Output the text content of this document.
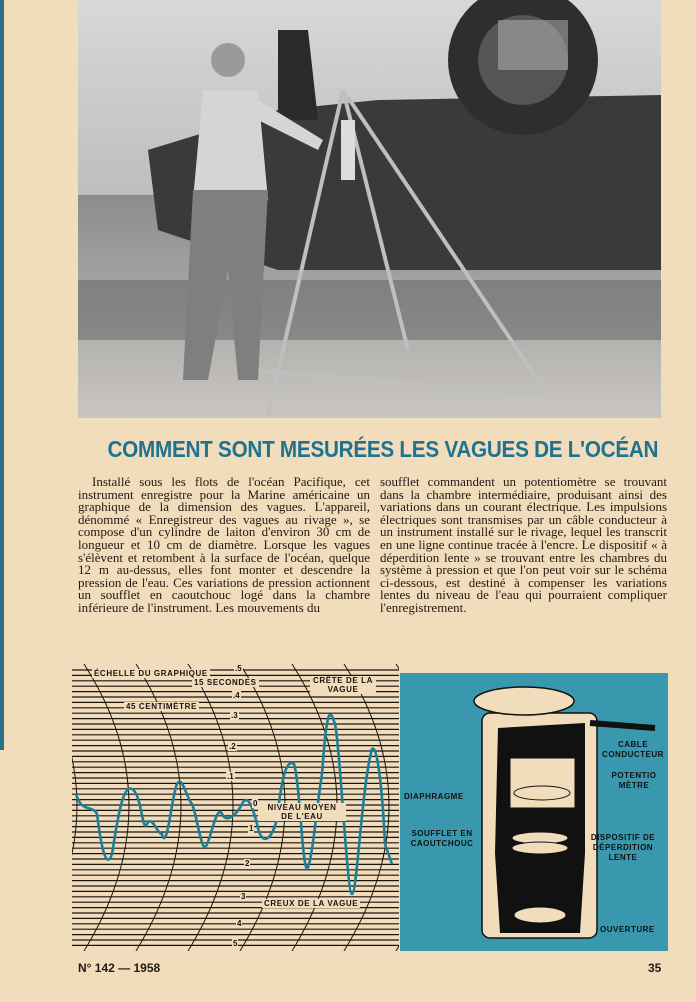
COMMENT SONT MESURÉES LES VAGUES DE L'OCÉAN
Installé sous les flots de l'océan Pacifique, cet instrument enregistre pour la Marine américaine un graphique de la dimension des vagues. L'appareil, dénommé « Enregistreur des vagues au rivage », se compose d'un cylindre de laiton d'environ 30 cm de longueur et 10 cm de diamètre. Lorsque les vagues s'élèvent et retombent à la surface de l'océan, quelque 12 m au-dessus, elles font monter et descendre la pression de l'eau. Ces variations de pression actionnent un soufflet en caoutchouc logé dans la chambre inférieure de l'instrument. Les mouvements du
soufflet commandent un potentiomètre se trouvant dans la chambre intermédiaire, produisant ainsi des variations dans un courant électrique. Les impulsions électriques sont transmises par un câble conducteur à un instrument installé sur le rivage, lequel les transcrit en une ligne continue tracée à l'encre. Le dispositif « à déperdition lente » se trouvant entre les chambres du système à pression et que l'on peut voir sur le schéma ci-dessous, est destiné à compenser les variations lentes du niveau de l'eau qui pourraient compliquer l'enregistrement.
ÉCHELLE DU GRAPHIQUE
15 SECONDES
45 CENTIMÈTRE
CRÊTE DE LA VAGUE
NIVEAU MOYEN DE L'EAU
CREUX DE LA VAGUE
.5
.4
.3
.2
.1
0
1
2
3
4
5
CABLE CONDUCTEUR
POTENTIO MÈTRE
DIAPHRAGME
SOUFFLET EN CAOUTCHOUC
DISPOSITIF DE DÉPERDITION LENTE
OUVERTURE
N° 142 — 1958	35
